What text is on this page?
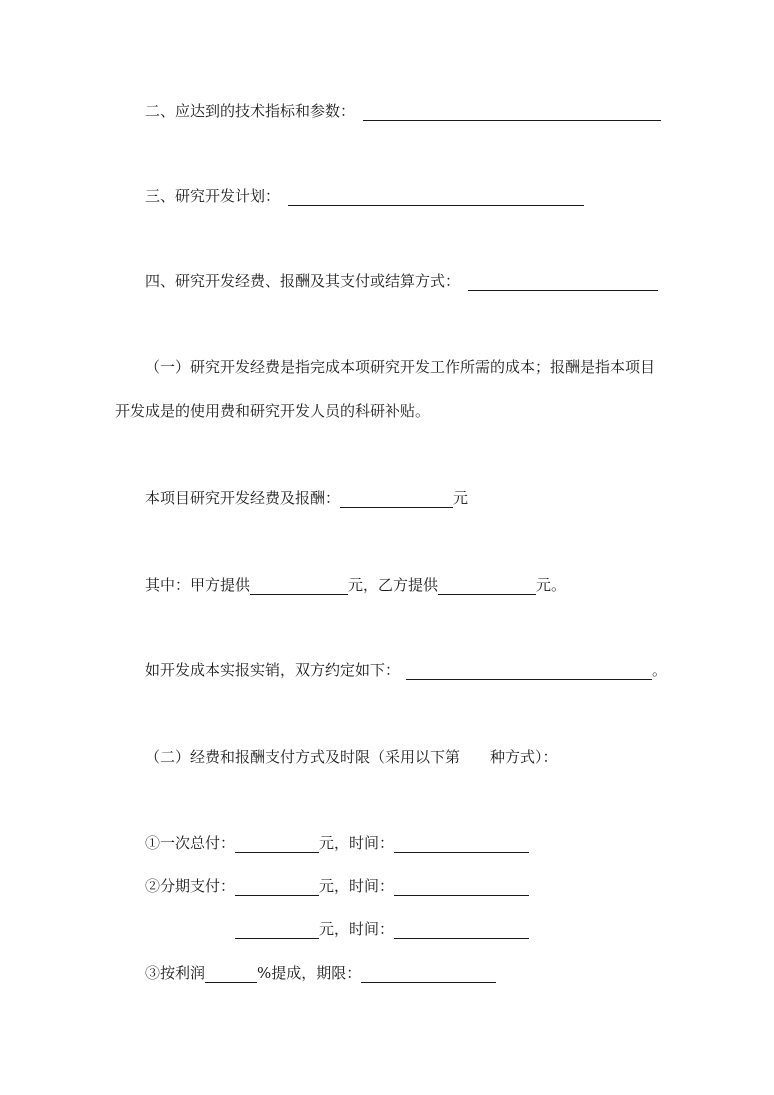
二、应达到的技术指标和参数：
三、研究开发计划：
四、研究开发经费、报酬及其支付或结算方式：
（一）研究开发经费是指完成本项研究开发工作所需的成本；报酬是指本项目
开发成是的使用费和研究开发人员的科研补贴。
本项目研究开发经费及报酬：	元
其中：甲方提供	元，乙方提供	元。
如开发成本实报实销，双方约定如下：	。
（二）经费和报酬支付方式及时限（采用以下第 种方式）：
①一次总付：	元，时间：
②分期支付：	元，时间：
元，时间：
③按利润	%提成，期限：
